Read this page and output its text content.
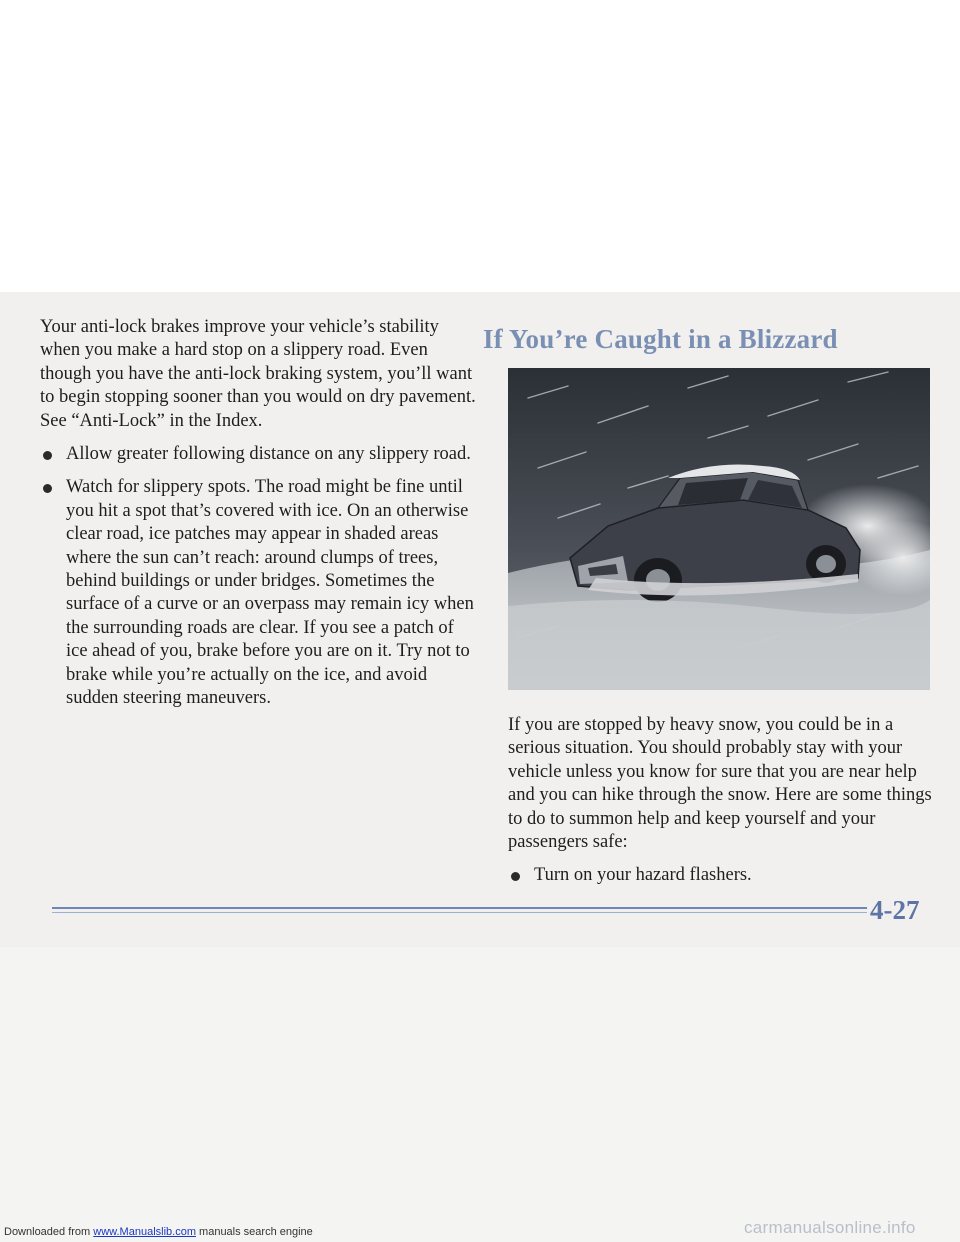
Your anti-lock brakes improve your vehicle’s stability when you make a hard stop on a slippery road. Even though you have the anti-lock braking system, you’ll want to begin stopping sooner than you would on dry pavement. See “Anti-Lock” in the Index.

Allow greater following distance on any slippery road.
Watch for slippery spots. The road might be fine until you hit a spot that’s covered with ice. On an otherwise clear road, ice patches may appear in shaded areas where the sun can’t reach: around clumps of trees, behind buildings or under bridges. Sometimes the surface of a curve or an overpass may remain icy when the surrounding roads are clear. If you see a patch of ice ahead of you, brake before you are on it. Try not to brake while you’re actually on the ice, and avoid sudden steering maneuvers.
If You’re Caught in a Blizzard

If you are stopped by heavy snow, you could be in a serious situation. You should probably stay with your vehicle unless you know for sure that you are near help and you can hike through the snow. Here are some things to do to summon help and keep yourself and your passengers safe:

Turn on your hazard flashers.
4-27
Downloaded from www.Manualslib.com manuals search engine	carmanualsonline.info
